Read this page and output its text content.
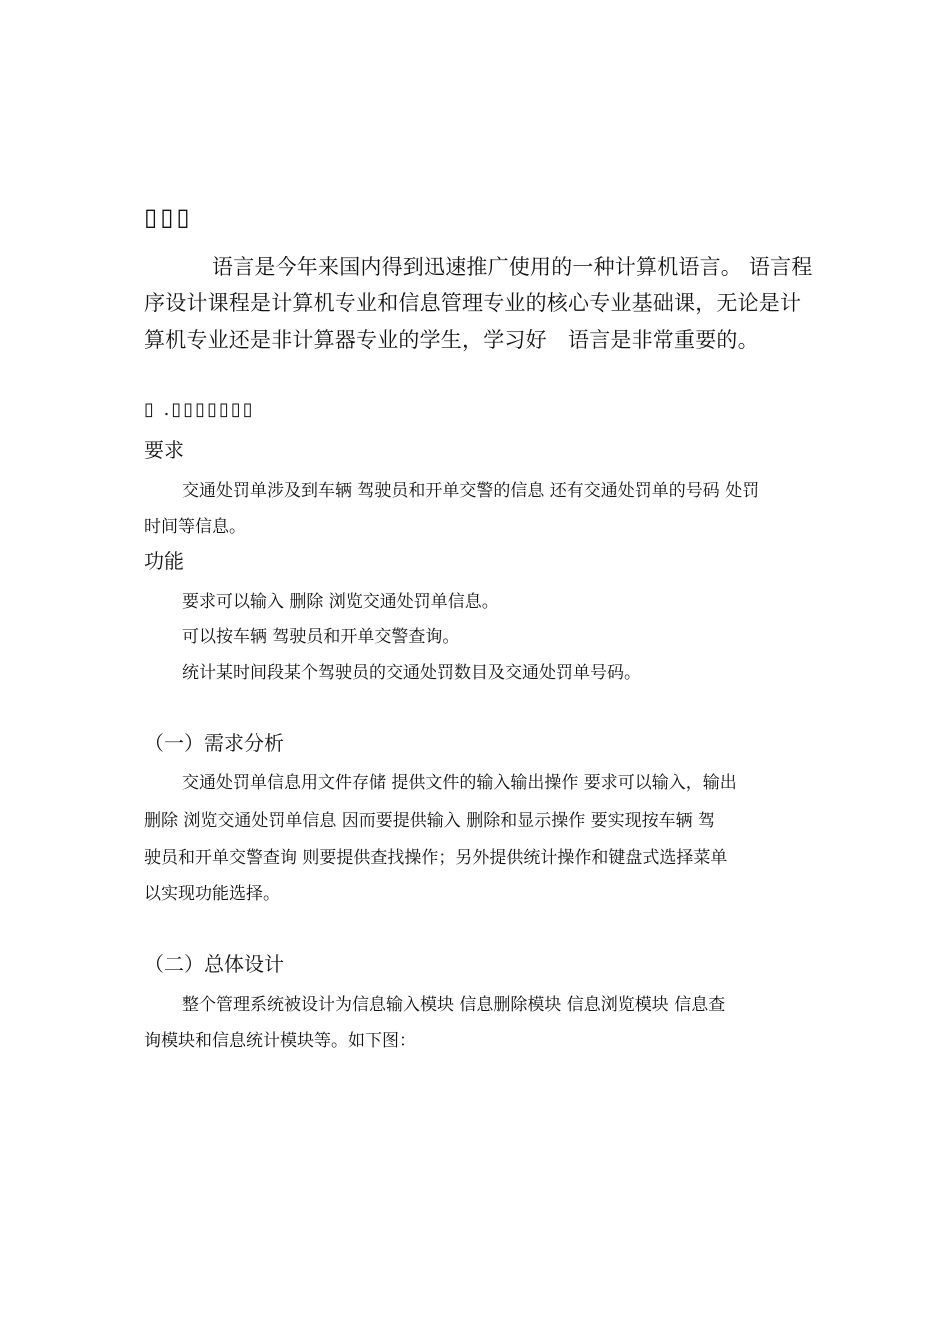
▯▯▯

语言是今年来国内得到迅速推广使用的一种计算机语言。 语言程

序设计课程是计算机专业和信息管理专业的核心专业基础课，无论是计

算机专业还是非计算器专业的学生，学习好　语言是非常重要的。

▯ .▯▯▯▯▯▯▯

要求

交通处罚单涉及到车辆 驾驶员和开单交警的信息 还有交通处罚单的号码 处罚

时间等信息。

功能

要求可以输入 删除 浏览交通处罚单信息。

可以按车辆 驾驶员和开单交警查询。

统计某时间段某个驾驶员的交通处罚数目及交通处罚单号码。

（一）需求分析

交通处罚单信息用文件存储 提供文件的输入输出操作 要求可以输入，输出

删除 浏览交通处罚单信息 因而要提供输入 删除和显示操作 要实现按车辆 驾

驶员和开单交警查询 则要提供查找操作；另外提供统计操作和键盘式选择菜单

以实现功能选择。

（二）总体设计

整个管理系统被设计为信息输入模块 信息删除模块 信息浏览模块 信息查

询模块和信息统计模块等。如下图：
